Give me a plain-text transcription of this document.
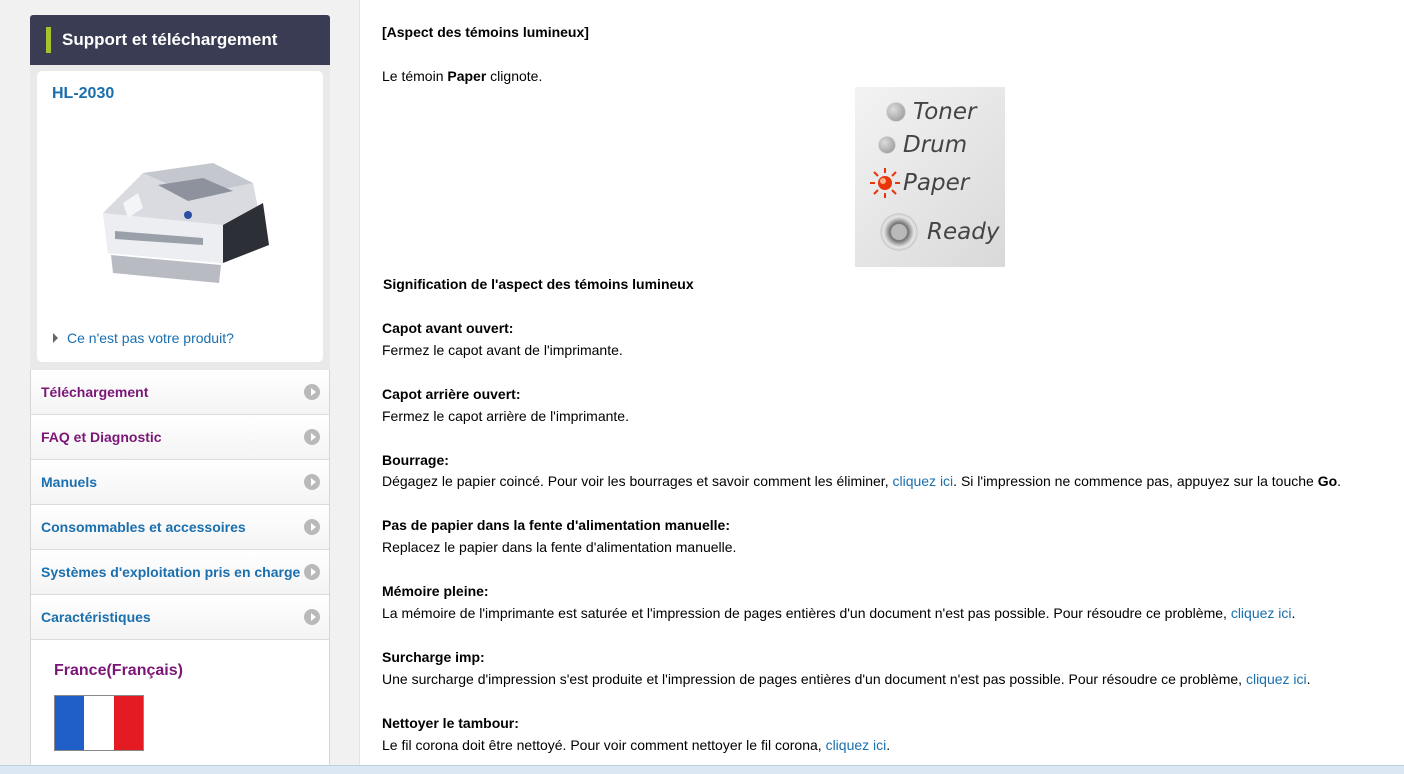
Support et téléchargement
HL-2030
Ce n'est pas votre produit?
Téléchargement
FAQ et Diagnostic
Manuels
Consommables et accessoires
Systèmes d'exploitation pris en charge
Caractéristiques
France(Français)
[Aspect des témoins lumineux]
Le témoin Paper clignote.
Signification de l'aspect des témoins lumineux
Capot avant ouvert:
Fermez le capot avant de l'imprimante.
Capot arrière ouvert:
Fermez le capot arrière de l'imprimante.
Bourrage:
Dégagez le papier coincé. Pour voir les bourrages et savoir comment les éliminer, cliquez ici. Si l'impression ne commence pas, appuyez sur la touche Go.
Pas de papier dans la fente d'alimentation manuelle:
Replacez le papier dans la fente d'alimentation manuelle.
Mémoire pleine:
La mémoire de l'imprimante est saturée et l'impression de pages entières d'un document n'est pas possible. Pour résoudre ce problème, cliquez ici.
Surcharge imp:
Une surcharge d'impression s'est produite et l'impression de pages entières d'un document n'est pas possible. Pour résoudre ce problème, cliquez ici.
Nettoyer le tambour:
Le fil corona doit être nettoyé. Pour voir comment nettoyer le fil corona, cliquez ici.
Toner
Drum
Paper
Ready
